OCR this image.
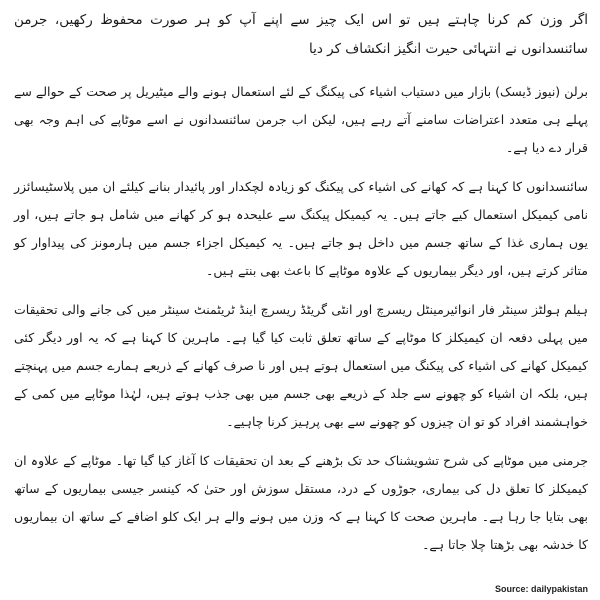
اگر وزن کم کرنا چاہتے ہیں تو اس ایک چیز سے اپنے آپ کو ہر صورت محفوظ رکھیں، جرمن سائنسدانوں نے انتہائی حیرت انگیز انکشاف کر دیا

برلن (نیوز ڈیسک) بازار میں دستیاب اشیاء کی پیکنگ کے لئے استعمال ہونے والے میٹیریل پر صحت کے حوالے سے پہلے ہی متعدد اعتراضات سامنے آتے رہے ہیں، لیکن اب جرمن سائنسدانوں نے اسے موٹاپے کی اہم وجہ بھی قرار دے دیا ہے۔

سائنسدانوں کا کہنا ہے کہ کھانے کی اشیاء کی پیکنگ کو زیادہ لچکدار اور پائیدار بنانے کیلئے ان میں پلاسٹیسائزر نامی کیمیکل استعمال کیے جاتے ہیں۔ یہ کیمیکل پیکنگ سے علیحدہ ہو کر کھانے میں شامل ہو جاتے ہیں، اور یوں ہماری غذا کے ساتھ جسم میں داخل ہو جاتے ہیں۔ یہ کیمیکل اجزاء جسم میں ہارمونز کی پیداوار کو متاثر کرتے ہیں، اور دیگر بیماریوں کے علاوہ موٹاپے کا باعث بھی بنتے ہیں۔

ہیلم ہولٹز سینٹر فار انوائیرمینٹل ریسرچ اور انٹی گریٹڈ ریسرچ اینڈ ٹریٹمنٹ سینٹر میں کی جانے والی تحقیقات میں پہلی دفعہ ان کیمیکلز کا موٹاپے کے ساتھ تعلق ثابت کیا گیا ہے۔ ماہرین کا کہنا ہے کہ یہ اور دیگر کئی کیمیکل کھانے کی اشیاء کی پیکنگ میں استعمال ہوتے ہیں اور نا صرف کھانے کے ذریعے ہمارے جسم میں پہنچتے ہیں، بلکہ ان اشیاء کو چھونے سے جلد کے ذریعے بھی جسم میں بھی جذب ہوتے ہیں، لہٰذا موٹاپے میں کمی کے خواہشمند افراد کو تو ان چیزوں کو چھونے سے بھی پرہیز کرنا چاہیے۔

جرمنی میں موٹاپے کی شرح تشویشناک حد تک بڑھنے کے بعد ان تحقیقات کا آغاز کیا گیا تھا۔ موٹاپے کے علاوہ ان کیمیکلز کا تعلق دل کی بیماری، جوڑوں کے درد، مستقل سوزش اور حتیٰ کہ کینسر جیسی بیماریوں کے ساتھ بھی بتایا جا رہا ہے۔ ماہرین صحت کا کہنا ہے کہ وزن میں ہونے والے ہر ایک کلو اضافے کے ساتھ ان بیماریوں کا خدشہ بھی بڑھتا چلا جاتا ہے۔

Source: dailypakistan
